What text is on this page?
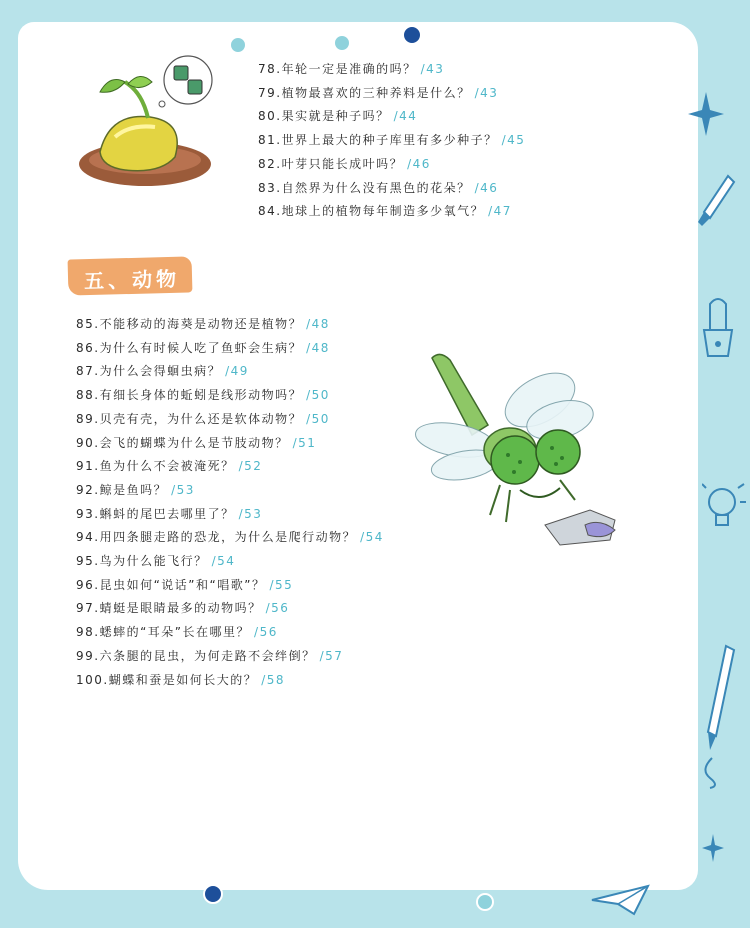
五、动物
78.年轮一定是准确的吗？ /43
79.植物最喜欢的三种养料是什么？ /43
80.果实就是种子吗？ /44
81.世界上最大的种子库里有多少种子？ /45
82.叶芽只能长成叶吗？ /46
83.自然界为什么没有黑色的花朵？ /46
84.地球上的植物每年制造多少氧气？ /47
85.不能移动的海葵是动物还是植物？ /48
86.为什么有时候人吃了鱼虾会生病？ /48
87.为什么会得蛔虫病？ /49
88.有细长身体的蚯蚓是线形动物吗？ /50
89.贝壳有壳，为什么还是软体动物？ /50
90.会飞的蝴蝶为什么是节肢动物？ /51
91.鱼为什么不会被淹死？ /52
92.鲸是鱼吗？ /53
93.蝌蚪的尾巴去哪里了？ /53
94.用四条腿走路的恐龙，为什么是爬行动物？ /54
95.鸟为什么能飞行？ /54
96.昆虫如何“说话”和“唱歌”？ /55
97.蜻蜓是眼睛最多的动物吗？ /56
98.蟋蟀的“耳朵”长在哪里？ /56
99.六条腿的昆虫，为何走路不会绊倒？ /57
100.蝴蝶和蚕是如何长大的？ /58
